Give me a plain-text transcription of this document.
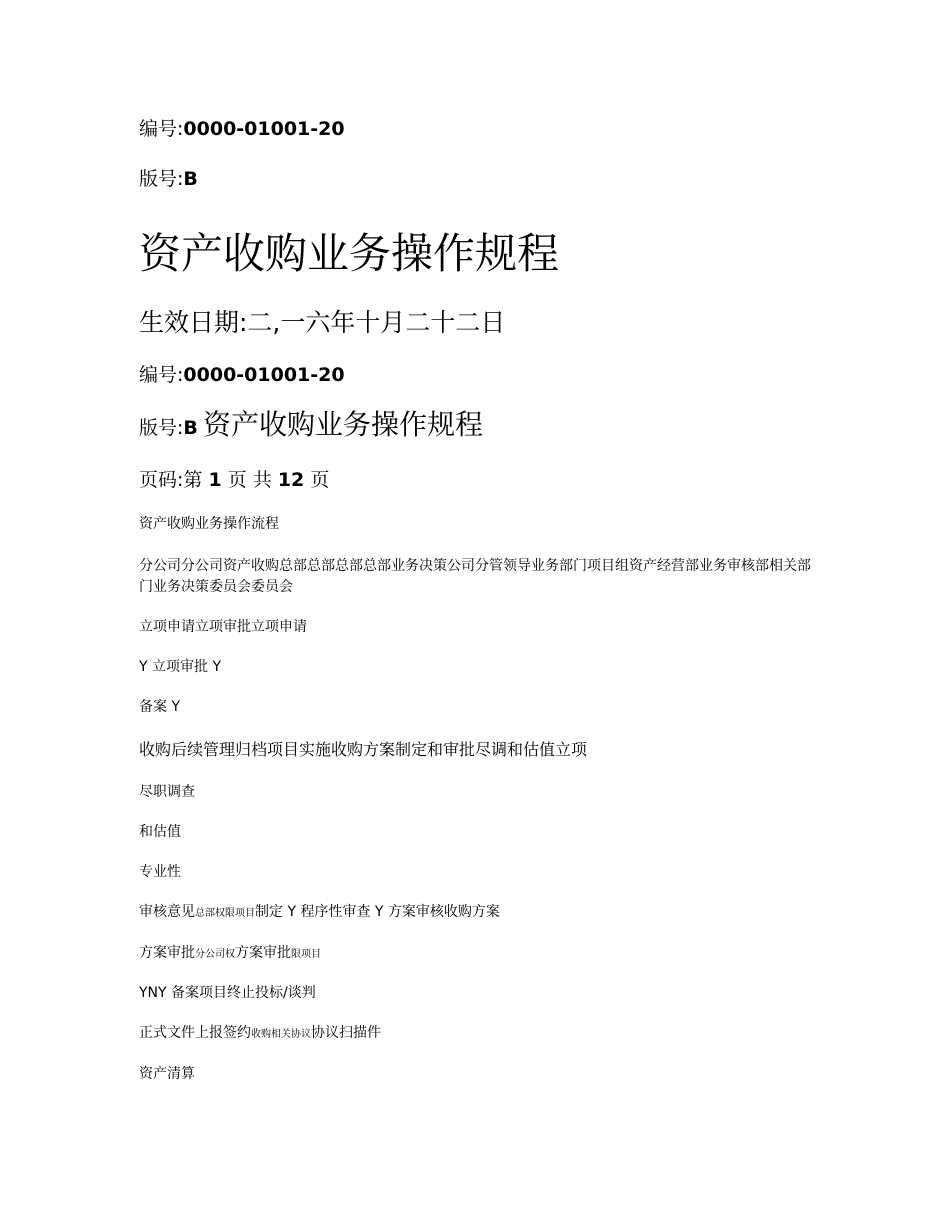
编号:0000-01001-20
版号:B
资产收购业务操作规程
生效日期:二,一六年十月二十二日
编号:0000-01001-20
版号:B 资产收购业务操作规程
页码:第 1 页 共 12 页
资产收购业务操作流程
分公司分公司资产收购总部总部总部总部业务决策公司分管领导业务部门项目组资产经营部业务审核部相关部门业务决策委员会委员会
立项申请立项审批立项申请
Y 立项审批 Y
备案 Y
收购后续管理归档项目实施收购方案制定和审批尽调和估值立项
尽职调查
和估值
专业性
审核意见总部权限项目制定 Y 程序性审查 Y 方案审核收购方案
方案审批分公司权方案审批限项目
YNY 备案项目终止投标/谈判
正式文件上报签约收购相关协议协议扫描件
资产清算
